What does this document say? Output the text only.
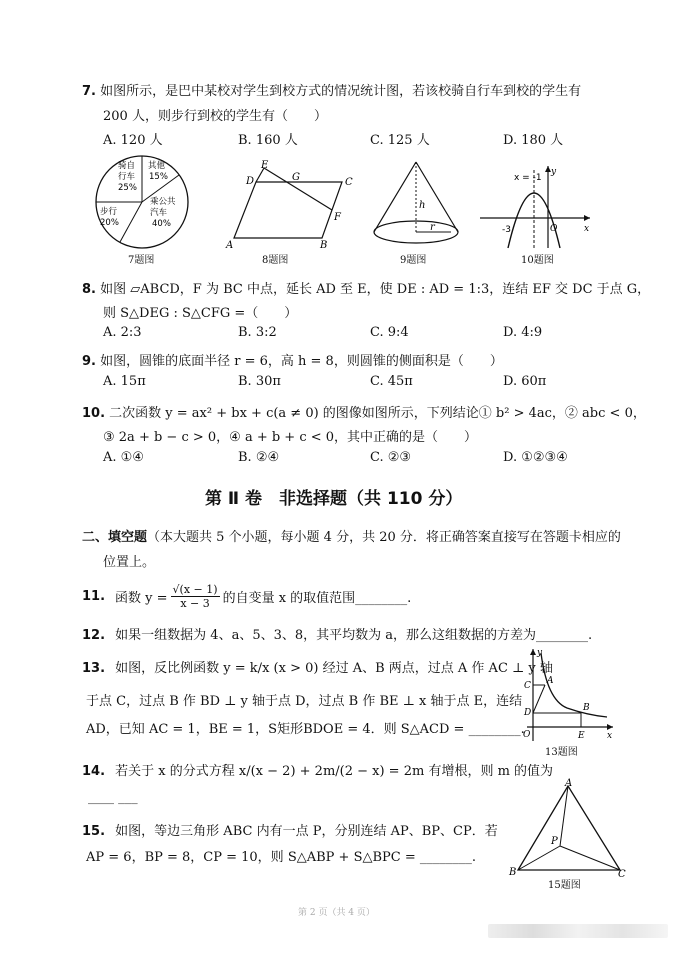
7. 如图所示，是巴中某校对学生到校方式的情况统计图，若该校骑自行车到校的学生有
200 人，则步行到校的学生有（　　）
A. 120 人	B. 160 人	C. 125 人	D. 180 人
骑自
行车
25%
其他
15%
乘公共
汽车
40%
步行
20%
7题图
E
D	G	C
F
A	B
8题图
h
r
9题图
x = -1
y
-3	O	x
10题图
8. 如图 ▱ABCD，F 为 BC 中点，延长 AD 至 E，使 DE : AD = 1:3，连结 EF 交 DC 于点 G，
则 S△DEG : S△CFG =（　　）
A. 2:3	B. 3:2	C. 9:4	D. 4:9
9. 如图，圆锥的底面半径 r = 6，高 h = 8，则圆锥的侧面积是（　　）
A. 15π	B. 30π	C. 45π	D. 60π
10. 二次函数 y = ax² + bx + c(a ≠ 0) 的图像如图所示，下列结论① b² > 4ac，② abc < 0，
③ 2a + b − c > 0，④ a + b + c < 0，其中正确的是（　　）
A. ①④	B. ②④	C. ②③	D. ①②③④
第 Ⅱ 卷　非选择题（共 110 分）
二、填空题（本大题共 5 个小题，每小题 4 分，共 20 分．将正确答案直接写在答题卡相应的
位置上。
11. 函数 $y = \frac{√(x - 1)}{x - 3}$ 的自变量 x 的取值范围________.
12. 如果一组数据为 4、a、5、3、8，其平均数为 a，那么这组数据的方差为________.
13. 如图，反比例函数 y = k/x (x > 0) 经过 A、B 两点，过点 A 作 AC ⊥ y 轴
于点 C，过点 B 作 BD ⊥ y 轴于点 D，过点 B 作 BE ⊥ x 轴于点 E，连结
AD，已知 AC = 1，BE = 1，S矩形BDOE = 4．则 S△ACD = ________.
y
C A
D	B
O	E x
13题图
14. 若关于 x 的分式方程 x/(x − 2) + 2m/(2 − x) = 2m 有增根，则 m 的值为
____ ___
15. 如图，等边三角形 ABC 内有一点 P，分别连结 AP、BP、CP．若
AP = 6，BP = 8，CP = 10，则 S△ABP + S△BPC = ________.
A
P
B	C
15题图
第 2 页（共 4 页）
